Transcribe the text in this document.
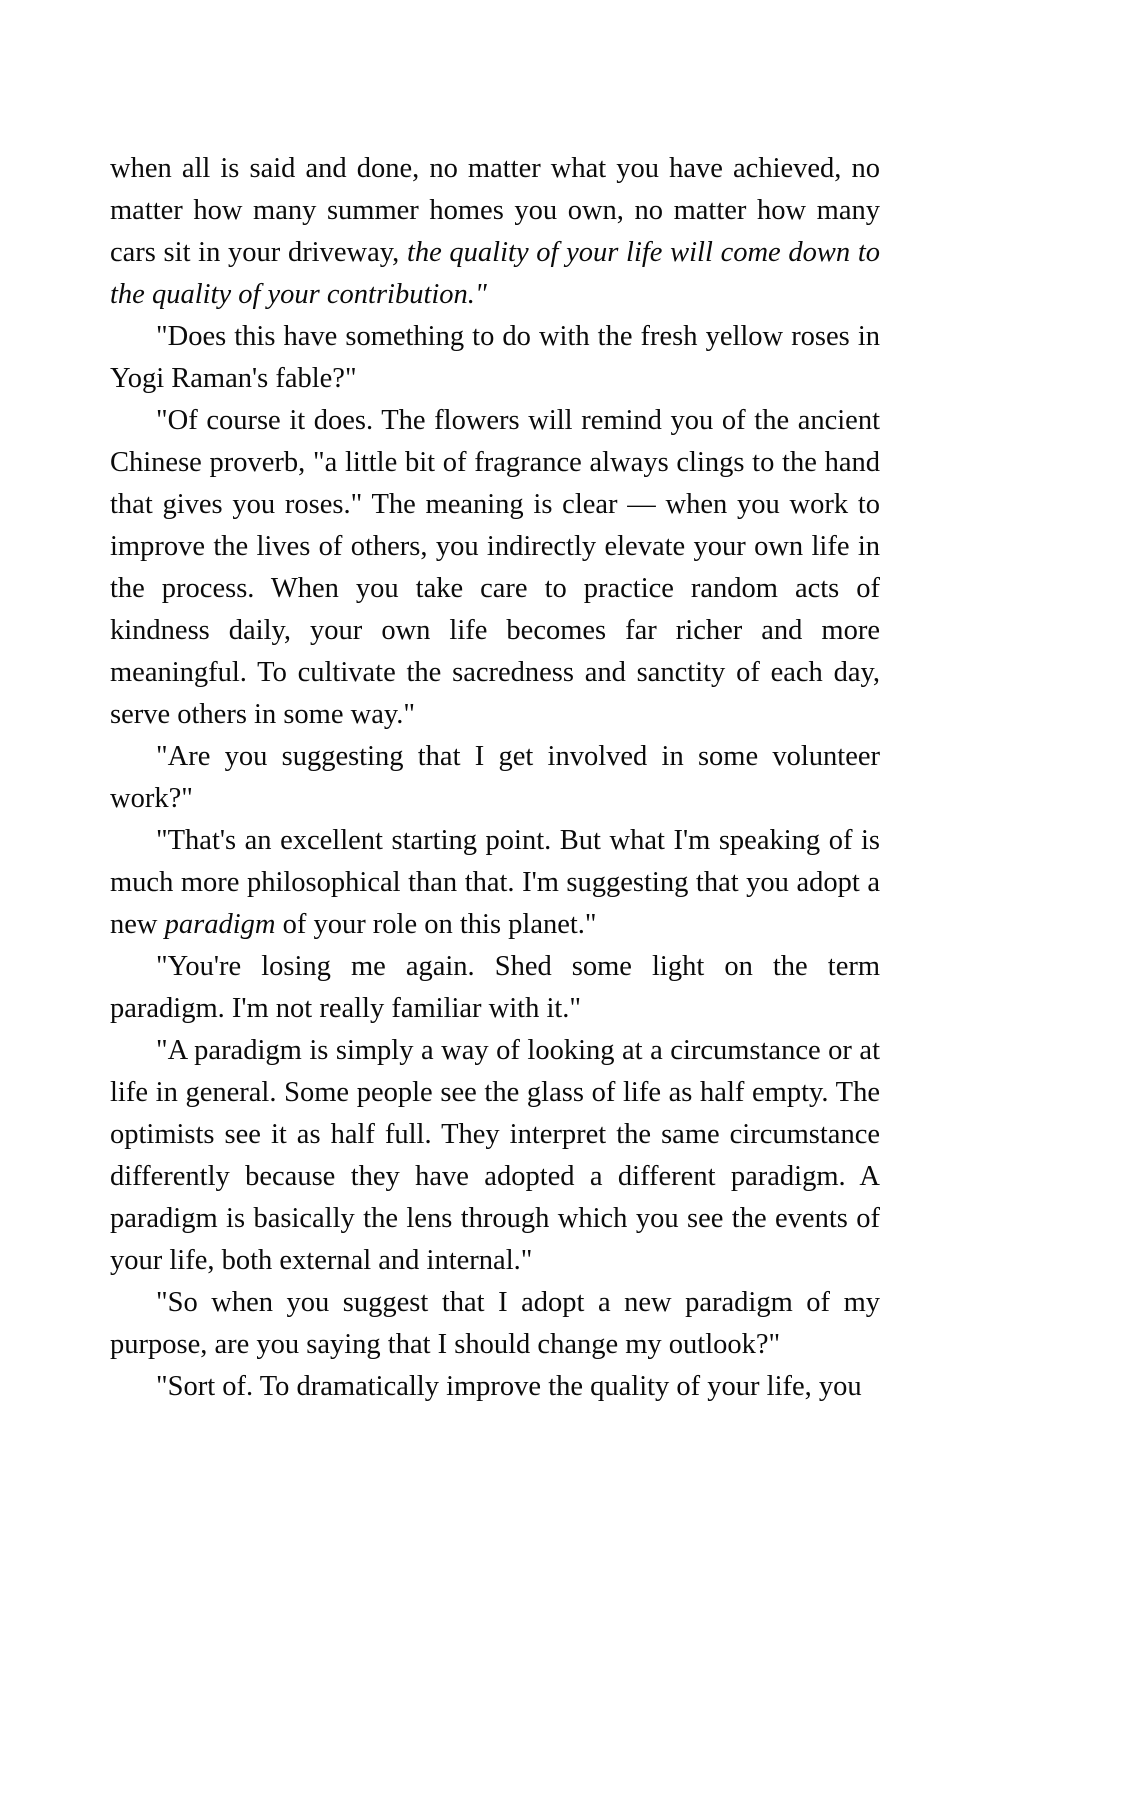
when all is said and done, no matter what you have achieved, no matter how many summer homes you own, no matter how many cars sit in your driveway, the quality of your life will come down to the quality of your contribution."

"Does this have something to do with the fresh yellow roses in Yogi Raman's fable?"

"Of course it does. The flowers will remind you of the ancient Chinese proverb, "a little bit of fragrance always clings to the hand that gives you roses." The meaning is clear — when you work to improve the lives of others, you indirectly elevate your own life in the process. When you take care to practice random acts of kindness daily, your own life becomes far richer and more meaningful. To cultivate the sacredness and sanctity of each day, serve others in some way."

"Are you suggesting that I get involved in some volunteer work?"

"That's an excellent starting point. But what I'm speaking of is much more philosophical than that. I'm suggesting that you adopt a new paradigm of your role on this planet."

"You're losing me again. Shed some light on the term paradigm. I'm not really familiar with it."

"A paradigm is simply a way of looking at a circumstance or at life in general. Some people see the glass of life as half empty. The optimists see it as half full. They interpret the same circumstance differently because they have adopted a different paradigm. A paradigm is basically the lens through which you see the events of your life, both external and internal."

"So when you suggest that I adopt a new paradigm of my purpose, are you saying that I should change my outlook?"

"Sort of. To dramatically improve the quality of your life, you
